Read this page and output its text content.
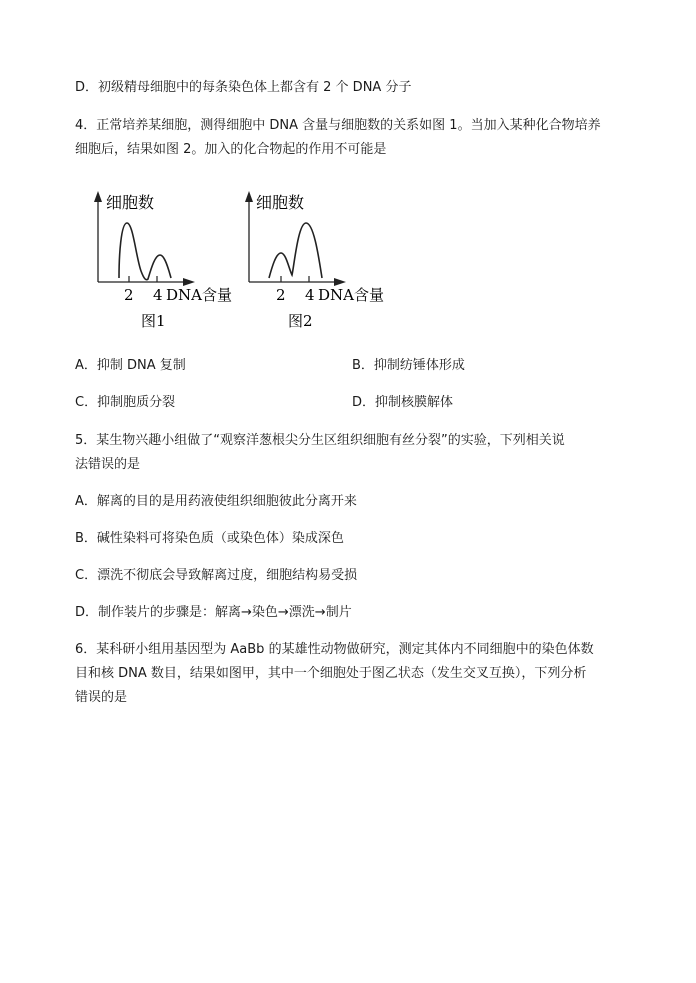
D．初级精母细胞中的每条染色体上都含有 2 个 DNA 分子
4．正常培养某细胞，测得细胞中 DNA 含量与细胞数的关系如图 1。当加入某种化合物培养
细胞后，结果如图 2。加入的化合物起的作用不可能是
细胞数
2 4 DNA含量
图1
细胞数
2 4 DNA含量
图2
A．抑制 DNA 复制	B．抑制纺锤体形成
C．抑制胞质分裂	D．抑制核膜解体
5．某生物兴趣小组做了“观察洋葱根尖分生区组织细胞有丝分裂”的实验，下列相关说
法错误的是
A．解离的目的是用药液使组织细胞彼此分离开来
B．碱性染料可将染色质（或染色体）染成深色
C．漂洗不彻底会导致解离过度，细胞结构易受损
D．制作装片的步骤是：解离→染色→漂洗→制片
6．某科研小组用基因型为 AaBb 的某雄性动物做研究，测定其体内不同细胞中的染色体数
目和核 DNA 数目，结果如图甲，其中一个细胞处于图乙状态（发生交叉互换），下列分析
错误的是
